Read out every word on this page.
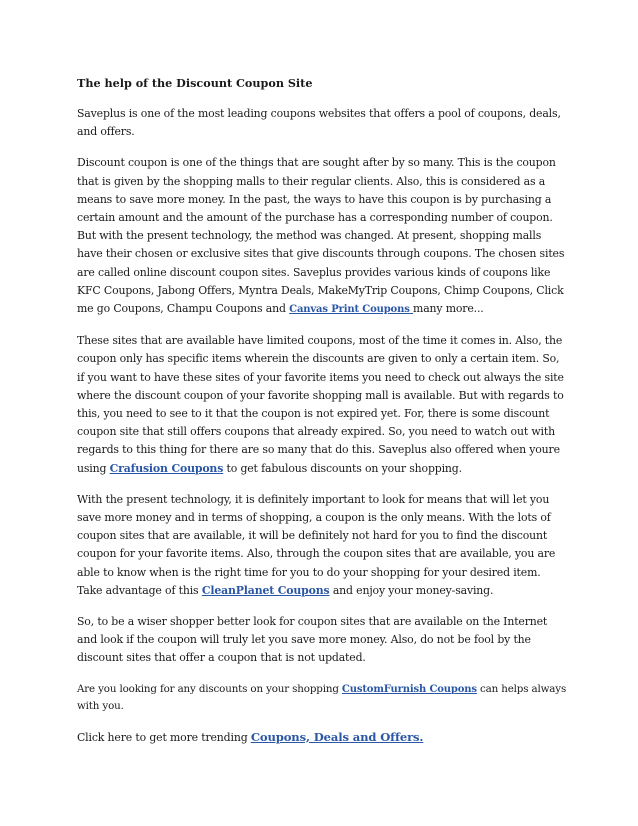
The help of the Discount Coupon Site

Saveplus is one of the most leading coupons websites that offers a pool of coupons, deals, and offers.

Discount coupon is one of the things that are sought after by so many. This is the coupon that is given by the shopping malls to their regular clients. Also, this is considered as a means to save more money. In the past, the ways to have this coupon is by purchasing a certain amount and the amount of the purchase has a corresponding number of coupon. But with the present technology, the method was changed. At present, shopping malls have their chosen or exclusive sites that give discounts through coupons. The chosen sites are called online discount coupon sites. Saveplus provides various kinds of coupons like KFC Coupons, Jabong Offers, Myntra Deals, MakeMyTrip Coupons, Chimp Coupons, Click me go Coupons, Champu Coupons and Canvas Print Coupons many more...

These sites that are available have limited coupons, most of the time it comes in. Also, the coupon only has specific items wherein the discounts are given to only a certain item. So, if you want to have these sites of your favorite items you need to check out always the site where the discount coupon of your favorite shopping mall is available. But with regards to this, you need to see to it that the coupon is not expired yet. For, there is some discount coupon site that still offers coupons that already expired. So, you need to watch out with regards to this thing for there are so many that do this. Saveplus also offered when youre using Crafusion Coupons to get fabulous discounts on your shopping.

With the present technology, it is definitely important to look for means that will let you save more money and in terms of shopping, a coupon is the only means. With the lots of coupon sites that are available, it will be definitely not hard for you to find the discount coupon for your favorite items. Also, through the coupon sites that are available, you are able to know when is the right time for you to do your shopping for your desired item. Take advantage of this CleanPlanet Coupons and enjoy your money-saving.

So, to be a wiser shopper better look for coupon sites that are available on the Internet and look if the coupon will truly let you save more money. Also, do not be fool by the discount sites that offer a coupon that is not updated.

Are you looking for any discounts on your shopping CustomFurnish Coupons can helps always with you.

Click here to get more trending Coupons, Deals and Offers.
